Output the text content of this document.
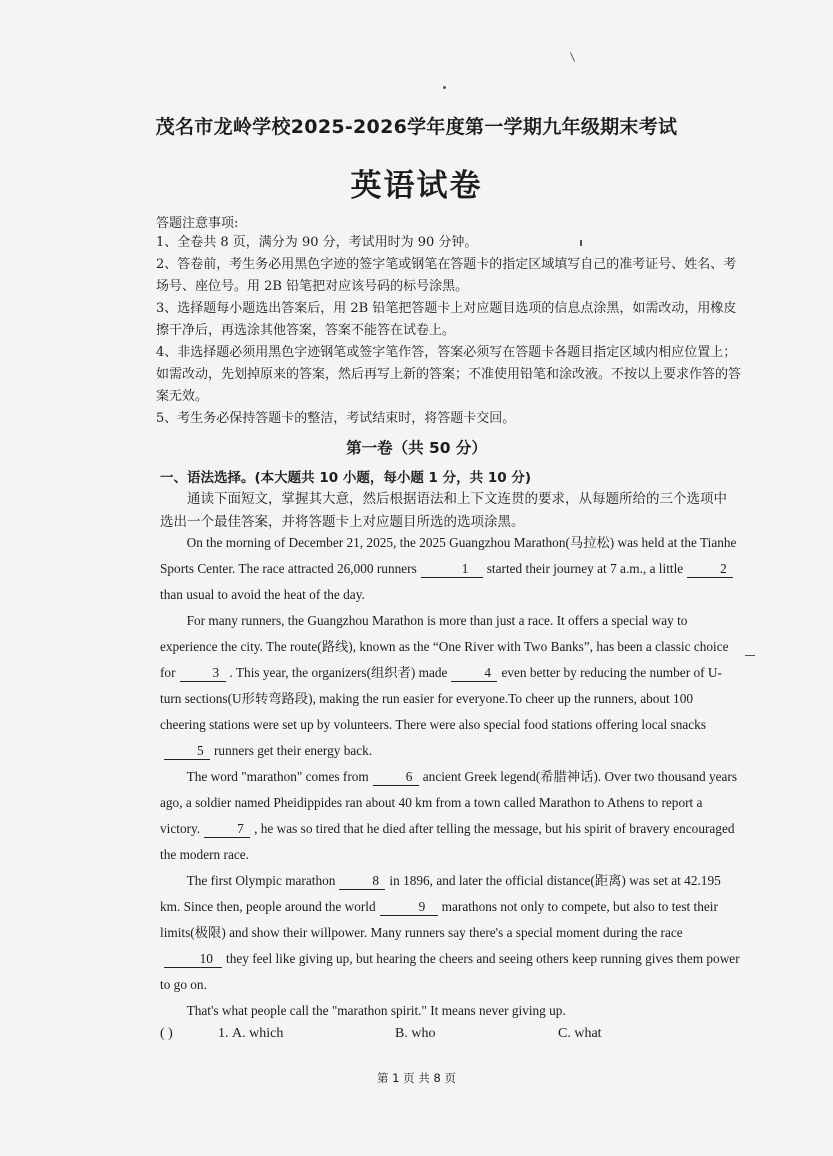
茂名市龙岭学校2025-2026学年度第一学期九年级期末考试
英语试卷
答题注意事项:
1、全卷共 8 页，满分为 90 分，考试用时为 90 分钟。
2、答卷前，考生务必用黑色字迹的签字笔或钢笔在答题卡的指定区域填写自己的准考证号、姓名、考场号、座位号。用 2B 铅笔把对应该号码的标号涂黑。
3、选择题每小题选出答案后，用 2B 铅笔把答题卡上对应题目选项的信息点涂黑，如需改动，用橡皮擦干净后，再选涂其他答案，答案不能答在试卷上。
4、非选择题必须用黑色字迹钢笔或签字笔作答，答案必须写在答题卡各题目指定区域内相应位置上；如需改动，先划掉原来的答案，然后再写上新的答案；不准使用铅笔和涂改液。不按以上要求作答的答案无效。
5、考生务必保持答题卡的整洁，考试结束时，将答题卡交回。
第一卷（共 50 分）
一、语法选择。(本大题共 10 小题，每小题 1 分，共 10 分)
通读下面短文，掌握其大意，然后根据语法和上下文连贯的要求，从每题所给的三个选项中选出一个最佳答案，并将答题卡上对应题目所选的选项涂黑。
On the morning of December 21, 2025, the 2025 Guangzhou Marathon(马拉松) was held at the Tianhe Sports Center. The race attracted 26,000 runners	1 started their journey at 7 a.m., a little	2than usual to avoid the heat of the day.
For many runners, the Guangzhou Marathon is more than just a race. It offers a special way to experience the city. The route(路线), known as the “One River with Two Banks”, has been a classic choice for	3 . This year, the organizers(组织者) made	4 even better by reducing the number of U-turn sections(U形转弯路段), making the run easier for everyone.To cheer up the runners, about 100 cheering stations were set up by volunteers. There were also special food stations offering local snacks5 runners get their energy back.
The word "marathon" comes from	6 ancient Greek legend(希腊神话). Over two thousand years ago, a soldier named Pheidippides ran about 40 km from a town called Marathon to Athens to report a victory.	7 , he was so tired that he died after telling the message, but his spirit of bravery encouraged the modern race.
The first Olympic marathon	8 in 1896, and later the official distance(距离) was set at 42.195 km. Since then, people around the world	9 marathons not only to compete, but also to test their limits(极限) and show their willpower. Many runners say there's a special moment during the race10 they feel like giving up, but hearing the cheers and seeing others keep running gives them power to go on.
That's what people call the "marathon spirit." It means never giving up.
( )	1. A. which	B. who	C. what
第 1 页 共 8 页
